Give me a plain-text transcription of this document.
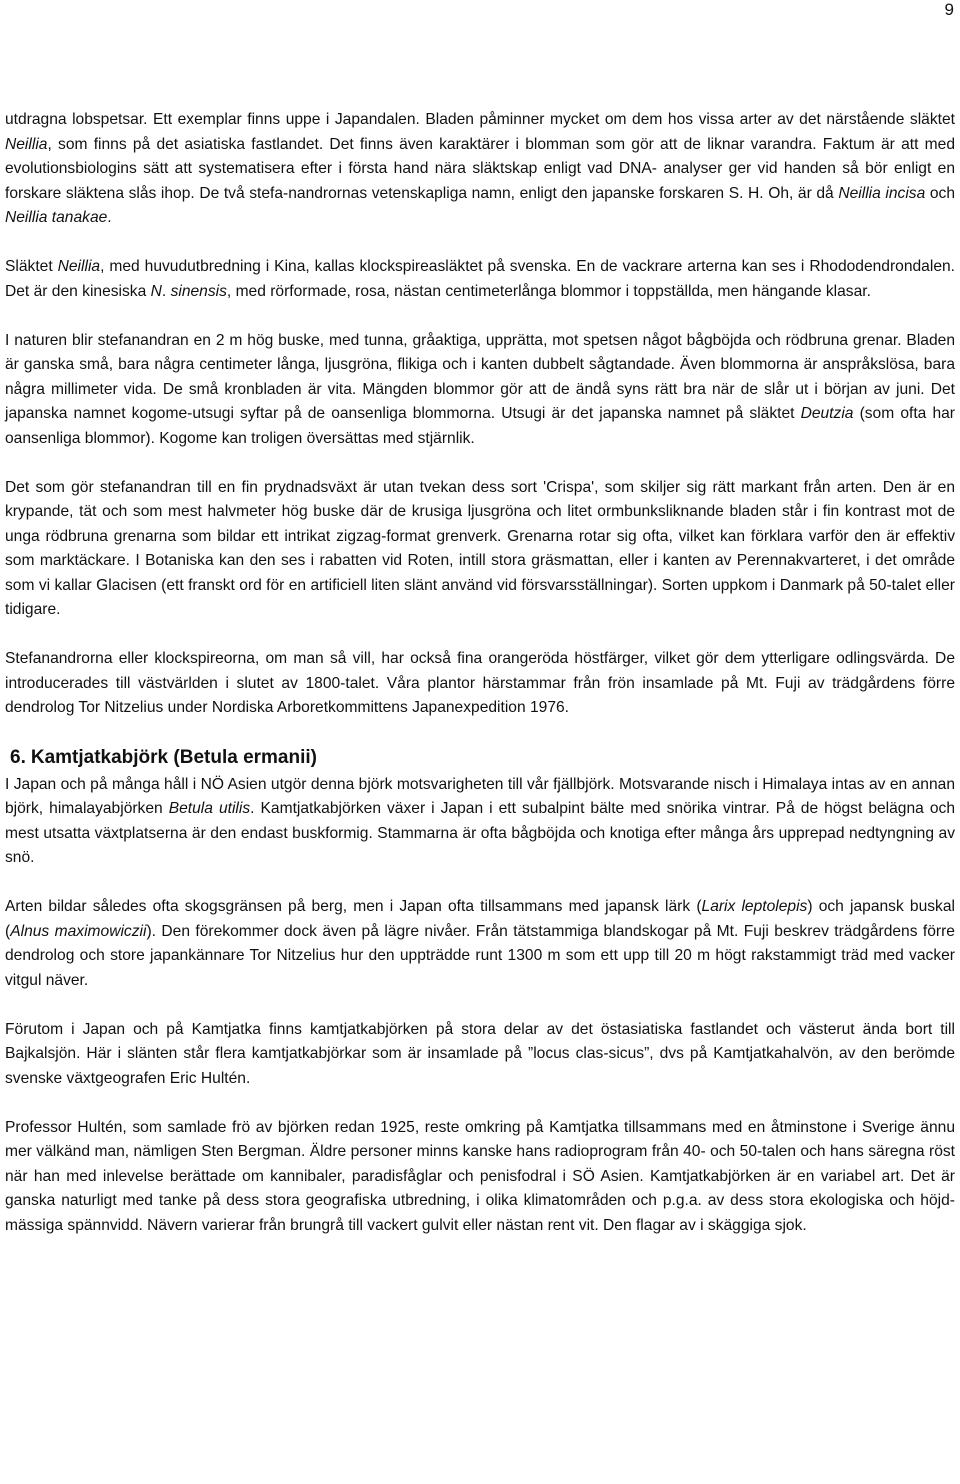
9

utdragna lobspetsar. Ett exemplar finns uppe i Japandalen. Bladen påminner mycket om dem hos vissa arter av det närstående släktet Neillia, som finns på det asiatiska fastlandet. Det finns även karaktärer i blomman som gör att de liknar varandra. Faktum är att med evolutionsbiologins sätt att systematisera efter i första hand nära släktskap enligt vad DNA- analyser ger vid handen så bör enligt en forskare släktena slås ihop. De två stefa-nandrornas vetenskapliga namn, enligt den japanske forskaren S. H. Oh, är då Neillia incisa och Neillia tanakae.

Släktet Neillia, med huvudutbredning i Kina, kallas klockspireasläktet på svenska. En de vackrare arterna kan ses i Rhododendrondalen. Det är den kinesiska N. sinensis, med rörformade, rosa, nästan centimeterlånga blommor i toppställda, men hängande klasar.

I naturen blir stefanandran en 2 m hög buske, med tunna, gråaktiga, upprätta, mot spetsen något bågböjda och rödbruna grenar. Bladen är ganska små, bara några centimeter långa, ljusgröna, flikiga och i kanten dubbelt sågtandade. Även blommorna är anspråkslösa, bara några millimeter vida. De små kronbladen är vita. Mängden blommor gör att de ändå syns rätt bra när de slår ut i början av juni. Det japanska namnet kogome-utsugi syftar på de oansenliga blommorna. Utsugi är det japanska namnet på släktet Deutzia (som ofta har oansenliga blommor). Kogome kan troligen översättas med stjärnlik.

Det som gör stefanandran till en fin prydnadsväxt är utan tvekan dess sort 'Crispa', som skiljer sig rätt markant från arten. Den är en krypande, tät och som mest halvmeter hög buske där de krusiga ljusgröna och litet ormbunksliknande bladen står i fin kontrast mot de unga rödbruna grenarna som bildar ett intrikat zigzag-format grenverk. Grenarna rotar sig ofta, vilket kan förklara varför den är effektiv som marktäckare. I Botaniska kan den ses i rabatten vid Roten, intill stora gräsmattan, eller i kanten av Perennakvarteret, i det område som vi kallar Glacisen (ett franskt ord för en artificiell liten slänt använd vid försvarsställningar). Sorten uppkom i Danmark på 50-talet eller tidigare.

Stefanandrorna eller klockspireorna, om man så vill, har också fina orangeröda höstfärger, vilket gör dem ytterligare odlingsvärda. De introducerades till västvärlden i slutet av 1800-talet. Våra plantor härstammar från frön insamlade på Mt. Fuji av trädgårdens förre dendrolog Tor Nitzelius under Nordiska Arboretkommittens Japanexpedition 1976.

6. Kamtjatkabjörk (Betula ermanii)

I Japan och på många håll i NÖ Asien utgör denna björk motsvarigheten till vår fjällbjörk. Motsvarande nisch i Himalaya intas av en annan björk, himalayabjörken Betula utilis. Kamtjatkabjörken växer i Japan i ett subalpint bälte med snörika vintrar. På de högst belägna och mest utsatta växtplatserna är den endast buskformig. Stammarna är ofta bågböjda och knotiga efter många års upprepad nedtyngning av snö.

Arten bildar således ofta skogsgränsen på berg, men i Japan ofta tillsammans med japansk lärk (Larix leptolepis) och japansk buskal (Alnus maximowiczii). Den förekommer dock även på lägre nivåer. Från tätstammiga blandskogar på Mt. Fuji beskrev trädgårdens förre dendrolog och store japankännare Tor Nitzelius hur den uppträdde runt 1300 m som ett upp till 20 m högt rakstammigt träd med vacker vitgul näver.

Förutom i Japan och på Kamtjatka finns kamtjatkabjörken på stora delar av det östasiatiska fastlandet och västerut ända bort till Bajkalsjön. Här i slänten står flera kamtjatkabjörkar som är insamlade på ”locus clas-sicus”, dvs på Kamtjatkahalvön, av den berömde svenske växtgeografen Eric Hultén.

Professor Hultén, som samlade frö av björken redan 1925, reste omkring på Kamtjatka tillsammans med en åtminstone i Sverige ännu mer välkänd man, nämligen Sten Bergman. Äldre personer minns kanske hans radioprogram från 40- och 50-talen och hans säregna röst när han med inlevelse berättade om kannibaler, paradisfåglar och penisfodral i SÖ Asien. Kamtjatkabjörken är en variabel art. Det är ganska naturligt med tanke på dess stora geografiska utbredning, i olika klimatområden och p.g.a. av dess stora ekologiska och höjd-mässiga spännvidd. Nävern varierar från brungrå till vackert gulvit eller nästan rent vit. Den flagar av i skäggiga sjok.
